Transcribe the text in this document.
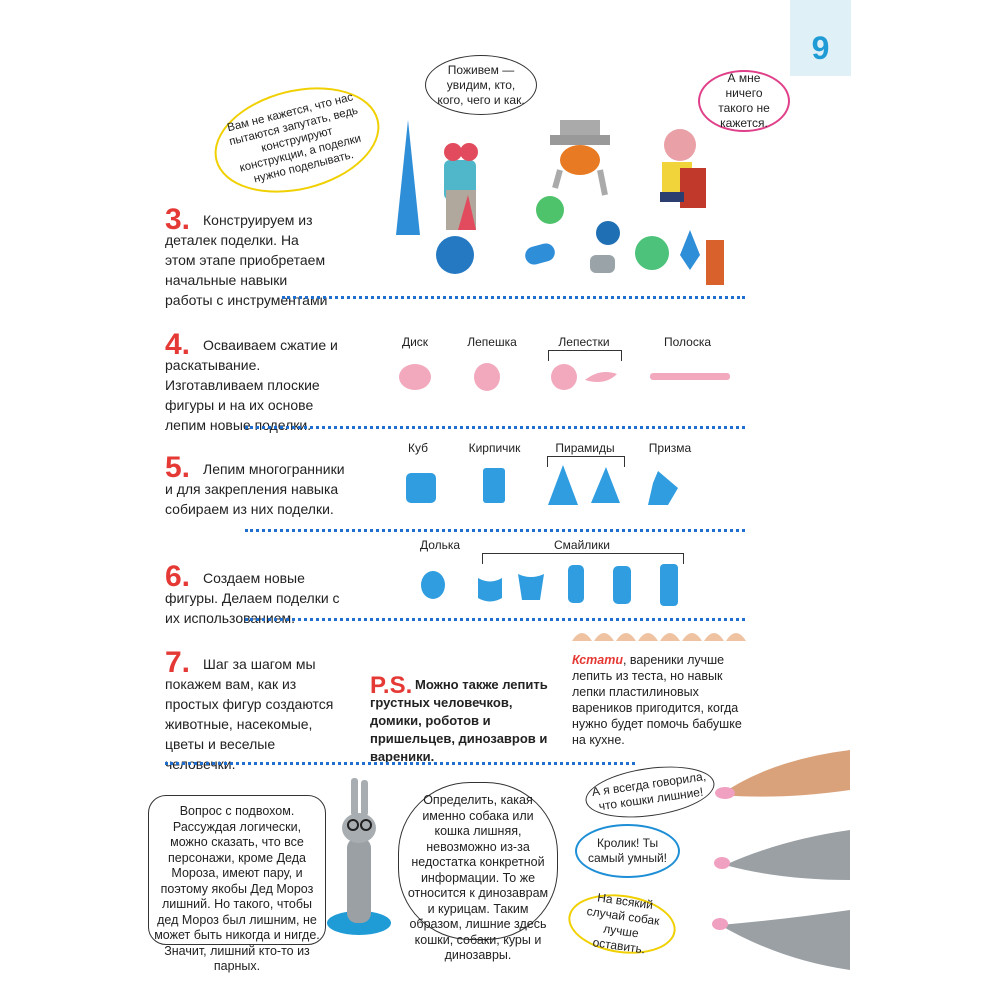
9
Вам не кажется, что нас пытаются запутать, ведь конструируют конструкции, а поделки нужно поделывать.
Поживем — увидим, кто, кого, чего и как.
А мне ничего такого не кажется.
3. Конструируем из деталек поделки. На этом этапе приобретаем начальные навыки работы с инструментами
4. Осваиваем сжатие и раскатывание. Изготавливаем плоские фигуры и на их основе лепим новые поделки.
Диск	Лепешка	Лепестки	Полоска
5. Лепим многогранники и для закрепления навыка собираем из них поделки.
Куб	Кирпичик	Пирамиды	Призма
6. Создаем новые фигуры. Делаем поделки с их использованием.
Долька	Смайлики
7. Шаг за шагом мы покажем вам, как из простых фигур создаются животные, насекомые, цветы и веселые человечки.
P.S. Можно также лепить грустных человечков, домики, роботов и пришельцев, динозавров и вареники.
Кстати, вареники лучше лепить из теста, но навык лепки пластилиновых вареников пригодится, когда нужно будет помочь бабушке на кухне.
Вопрос с подвохом. Рассуждая логически, можно сказать, что все персонажи, кроме Деда Мороза, имеют пару, и поэтому якобы Дед Мороз лишний. Но такого, чтобы дед Мороз был лишним, не может быть никогда и нигде. Значит, лишний кто-то из парных.
Определить, какая именно собака или кошка лишняя, невозможно из-за недостатка конкретной информации. То же относится к динозаврам и курицам. Таким образом, лишние здесь кошки, собаки, куры и динозавры.
А я всегда говорила, что кошки лишние!
Кролик! Ты самый умный!
На всякий случай собак лучше оставить.
